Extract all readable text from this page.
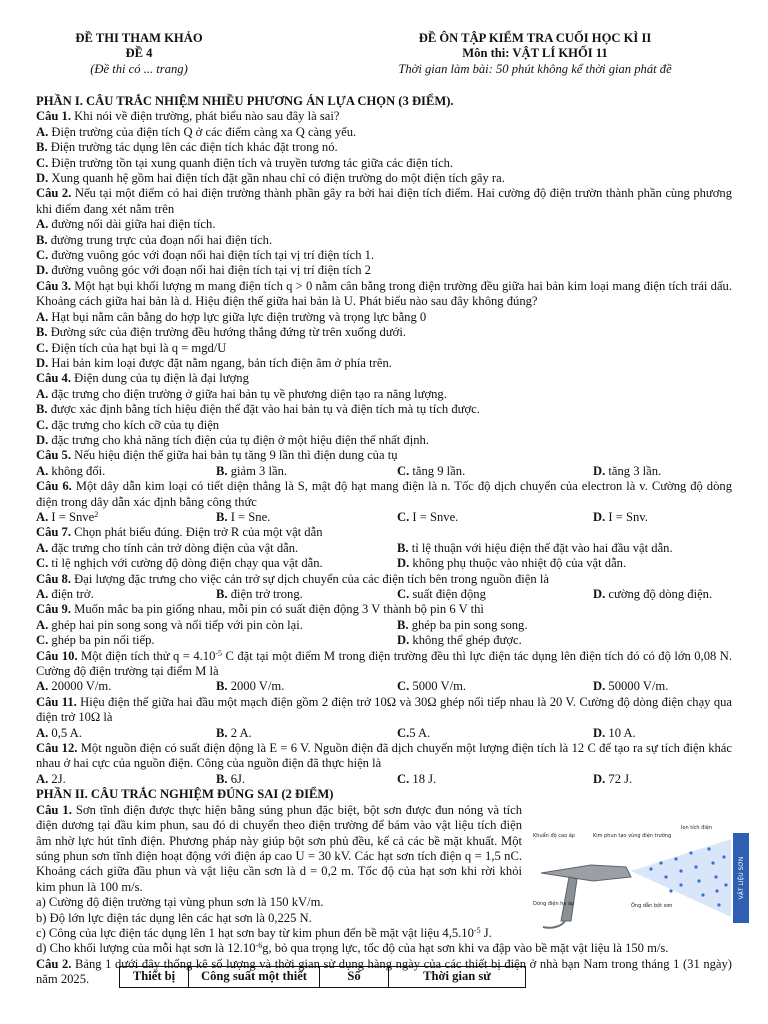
ĐỀ THI THAM KHẢO
ĐỀ 4
(Đề thi có ... trang)
ĐỀ ÔN TẬP KIỂM TRA CUỐI HỌC KÌ II
Môn thi: VẬT LÍ KHỐI 11
Thời gian làm bài: 50 phút không kể thời gian phát đề
PHẦN I. CÂU TRẮC NHIỆM NHIỀU PHƯƠNG ÁN LỰA CHỌN (3 ĐIỂM).
Câu 1. Khi nói về điện trường, phát biểu nào sau đây là sai?
A. Điện trường của điện tích Q ở các điểm càng xa Q càng yếu.
B. Điện trường tác dụng lên các điện tích khác đặt trong nó.
C. Điện trường tồn tại xung quanh điện tích và truyền tương tác giữa các điện tích.
D. Xung quanh hệ gồm hai điện tích đặt gần nhau chỉ có điện trường do một điện tích gây ra.
Câu 2. Nếu tại một điểm có hai điện trường thành phần gây ra bởi hai điện tích điểm. Hai cường độ điện trườn thành phần cùng phương khi điểm đang xét nằm trên
A. đường nối dài giữa hai điện tích.
B. đường trung trực của đoạn nối hai điện tích.
C. đường vuông góc với đoạn nối hai điện tích tại vị trí điện tích 1.
D. đường vuông góc với đoạn nối hai điện tích tại vị trí điện tích 2
Câu 3. Một hạt bụi khối lượng m mang điện tích q > 0 nằm cân bằng trong điện trường đều giữa hai bản kim loại mang điện tích trái dấu. Khoảng cách giữa hai bản là d. Hiệu điện thế giữa hai bản là U. Phát biểu nào sau đây không đúng?
A. Hạt bụi nằm cân bằng do hợp lực giữa lực điện trường và trọng lực bằng 0
B. Đường sức của điện trường đều hướng thẳng đứng từ trên xuống dưới.
C. Điện tích của hạt bụi là q = mgd/U
D. Hai bản kim loại được đặt nằm ngang, bản tích điện âm ở phía trên.
Câu 4. Điện dung của tụ điện là đại lượng
A. đặc trưng cho điện trường ở giữa hai bản tụ về phương diện tạo ra năng lượng.
B. được xác định bằng tích hiệu điện thế đặt vào hai bản tụ và điện tích mà tụ tích được.
C. đặc trưng cho kích cỡ của tụ điện
D. đặc trưng cho khả năng tích điện của tụ điện ở một hiệu điện thế nhất định.
Câu 5. Nếu hiệu điện thế giữa hai bản tụ tăng 9 lần thì điện dung của tụ
A. không đổi.	B. giảm 3 lần.	C. tăng 9 lần.	D. tăng 3 lần.
Câu 6. Một dây dẫn kim loại có tiết diện thẳng là S, mật độ hạt mang điện là n. Tốc độ dịch chuyển của electron là v. Cường độ dòng điện trong dây dẫn xác định bằng công thức
A. I = Snve$^2$	B. I = Sne.	C. I = Snve.	D. I = Snv.
Câu 7. Chọn phát biểu đúng. Điện trở R của một vật dẫn
A. đặc trưng cho tính cản trở dòng điện của vật dẫn.	B. tỉ lệ thuận với hiệu điện thế đặt vào hai đầu vật dẫn.
C. tỉ lệ nghịch với cường độ dòng điện chạy qua vật dẫn.	D. không phụ thuộc vào nhiệt độ của vật dẫn.
Câu 8. Đại lượng đặc trưng cho việc cản trở sự dịch chuyển của các điện tích bên trong nguồn điện là
A. điện trở.	B. điện trở trong.	C. suất điện động	D. cường độ dòng điện.
Câu 9. Muốn mắc ba pin giống nhau, mỗi pin có suất điện động 3 V thành bộ pin 6 V thì
A. ghép hai pin song song và nối tiếp với pin còn lại.	B. ghép ba pin song song.
C. ghép ba pin nối tiếp.	D. không thể ghép được.
Câu 10. Một điện tích thử $q = 4.10^{-5}$ C đặt tại một điểm M trong điện trường đều thì lực điện tác dụng lên điện tích đó có độ lớn 0,08 N. Cường độ điện trường tại điểm M là
A. 20000 V/m.	B. 2000 V/m.	C. 5000 V/m.	D. 50000 V/m.
Câu 11. Hiệu điện thế giữa hai đầu một mạch điện gồm 2 điện trở 10Ω và 30Ω ghép nối tiếp nhau là 20 V. Cường độ dòng điện chạy qua điện trở 10Ω là
A. 0,5 A.	B. 2 A.	C.5 A.	D. 10 A.
Câu 12. Một nguồn điện có suất điện động là E = 6 V. Nguồn điện đã dịch chuyển một lượng điện tích là 12 C để tạo ra sự tích điện khác nhau ở hai cực của nguồn điện. Công của nguồn điện đã thực hiện là
A. 2J.	B. 6J.	C. 18 J.	D. 72 J.
PHẦN II. CÂU TRẮC NGHIỆM ĐÚNG SAI (2 ĐIỂM)
Câu 1. Sơn tĩnh điện được thực hiện bằng súng phun đặc biệt, bột sơn được đun nóng và tích điện dương tại đầu kim phun, sau đó di chuyển theo điện trường để bám vào vật liệu tích điện âm nhờ lực hút tĩnh điện. Phương pháp này giúp bột sơn phủ đều, kể cả các bề mặt khuất. Một súng phun sơn tĩnh điện hoạt động với điện áp cao U = 30 kV. Các hạt sơn tích điện q = 1,5 nC. Khoảng cách giữa đầu phun và vật liệu cần sơn là d = 0,2 m. Tốc độ của hạt sơn khi rời khỏi kim phun là 100 m/s.
a) Cường độ điện trường tại vùng phun sơn là 150 kV/m.
b) Độ lớn lực điện tác dụng lên các hạt sơn là 0,225 N.
c) Công của lực điện tác dụng lên 1 hạt sơn bay từ kim phun đến bề mặt vật liệu $4,5.10^{-5}$ J.
d) Cho khối lượng của mỗi hạt sơn là $12.10^{-6}g$, bỏ qua trọng lực, tốc độ của hạt sơn khi va đập vào bề mặt vật liệu là 150 m/s.
VẬT LIỆU SƠN
Khuẩn độ cao áp	Kim phun tạo vùng điện trường
Ion tích điện
Dòng điện ha áp	Ống dẫn bột sơn
Câu 2. Bảng 1 dưới đây thống kê số lượng và thời gian sử dụng hàng ngày của các thiết bị điện ở nhà bạn Nam trong tháng 1 (31 ngày) năm 2025.	Thiết bị	Công suất một thiết	Số	Thời gian sử
